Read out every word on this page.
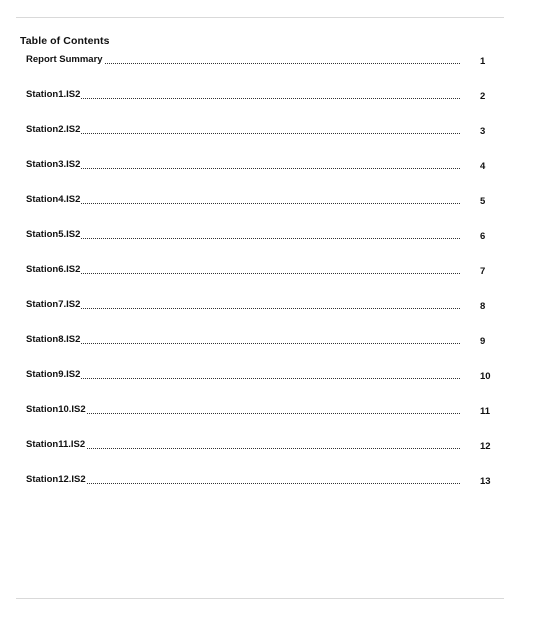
Table of Contents
Report Summary	1
Station1.IS2	2
Station2.IS2	3
Station3.IS2	4
Station4.IS2	5
Station5.IS2	6
Station6.IS2	7
Station7.IS2	8
Station8.IS2	9
Station9.IS2	10
Station10.IS2	11
Station11.IS2	12
Station12.IS2	13
